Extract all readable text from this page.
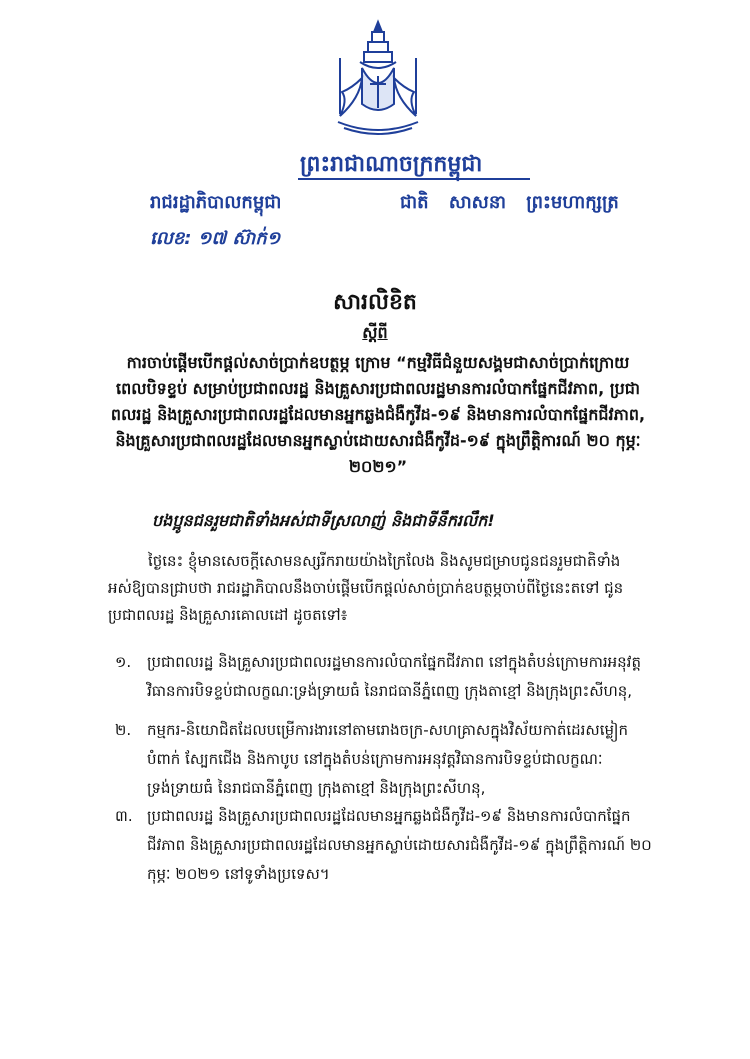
ព្រះរាជាណាចក្រកម្ពុជា
រាជរដ្ឋាភិបាលកម្ពុជា	ជាតិ សាសនា ព្រះមហាក្សត្រ
លេខ: ១៧ ស៊ាក់១
សារលិខិត
ស្តីពី
ការចាប់ផ្តើមបើកផ្តល់សាច់ប្រាក់ឧបត្ថម្ភ ក្រោម “កម្មវិធីជំនួយសង្គមជាសាច់ប្រាក់ក្រោយពេលបិទខ្ទប់ សម្រាប់ប្រជាពលរដ្ឋ និងគ្រួសារប្រជាពលរដ្ឋមានការលំបាកផ្នែកជីវភាព, ប្រជាពលរដ្ឋ និងគ្រួសារប្រជាពលរដ្ឋដែលមានអ្នកឆ្លងជំងឺកូវីដ-១៩ និងមានការលំបាកផ្នែកជីវភាព, និងគ្រួសារប្រជាពលរដ្ឋដែលមានអ្នកស្លាប់ដោយសារជំងឺកូវីដ-១៩ ក្នុងព្រឹត្តិការណ៍ ២០ កុម្ភៈ ២០២១”
បងប្អូនជនរួមជាតិទាំងអស់ជាទីស្រលាញ់ និងជាទីនឹករលឹក!
ថ្ងៃនេះ ខ្ញុំមានសេចក្តីសោមនស្សរីករាយយ៉ាងក្រៃលែង និងសូមជម្រាបជូនជនរួមជាតិទាំងអស់ឱ្យបានជ្រាបថា រាជរដ្ឋាភិបាលនឹងចាប់ផ្តើមបើកផ្តល់សាច់ប្រាក់ឧបត្ថម្ភចាប់ពីថ្ងៃនេះតទៅ ជូនប្រជាពលរដ្ឋ និងគ្រួសារគោលដៅ ដូចតទៅ៖
១.	ប្រជាពលរដ្ឋ និងគ្រួសារប្រជាពលរដ្ឋមានការលំបាកផ្នែកជីវភាព នៅក្នុងតំបន់ក្រោមការអនុវត្តវិធានការបិទខ្ទប់ជាលក្ខណៈទ្រង់ទ្រាយធំ នៃរាជធានីភ្នំពេញ ក្រុងតាខ្មៅ និងក្រុងព្រះសីហនុ,
២.	កម្មករ-និយោជិតដែលបម្រើការងារនៅតាមរោងចក្រ-សហគ្រាសក្នុងវិស័យកាត់ដេរសម្លៀកបំពាក់ ស្បែកជើង និងកាបូប នៅក្នុងតំបន់ក្រោមការអនុវត្តវិធានការបិទខ្ទប់ជាលក្ខណៈទ្រង់ទ្រាយធំ នៃរាជធានីភ្នំពេញ ក្រុងតាខ្មៅ និងក្រុងព្រះសីហនុ,
៣. ប្រជាពលរដ្ឋ និងគ្រួសារប្រជាពលរដ្ឋដែលមានអ្នកឆ្លងជំងឺកូវីដ-១៩ និងមានការលំបាកផ្នែកជីវភាព និងគ្រួសារប្រជាពលរដ្ឋដែលមានអ្នកស្លាប់ដោយសារជំងឺកូវីដ-១៩ ក្នុងព្រឹត្តិការណ៍ ២០ កុម្ភៈ ២០២១ នៅទូទាំងប្រទេស។
